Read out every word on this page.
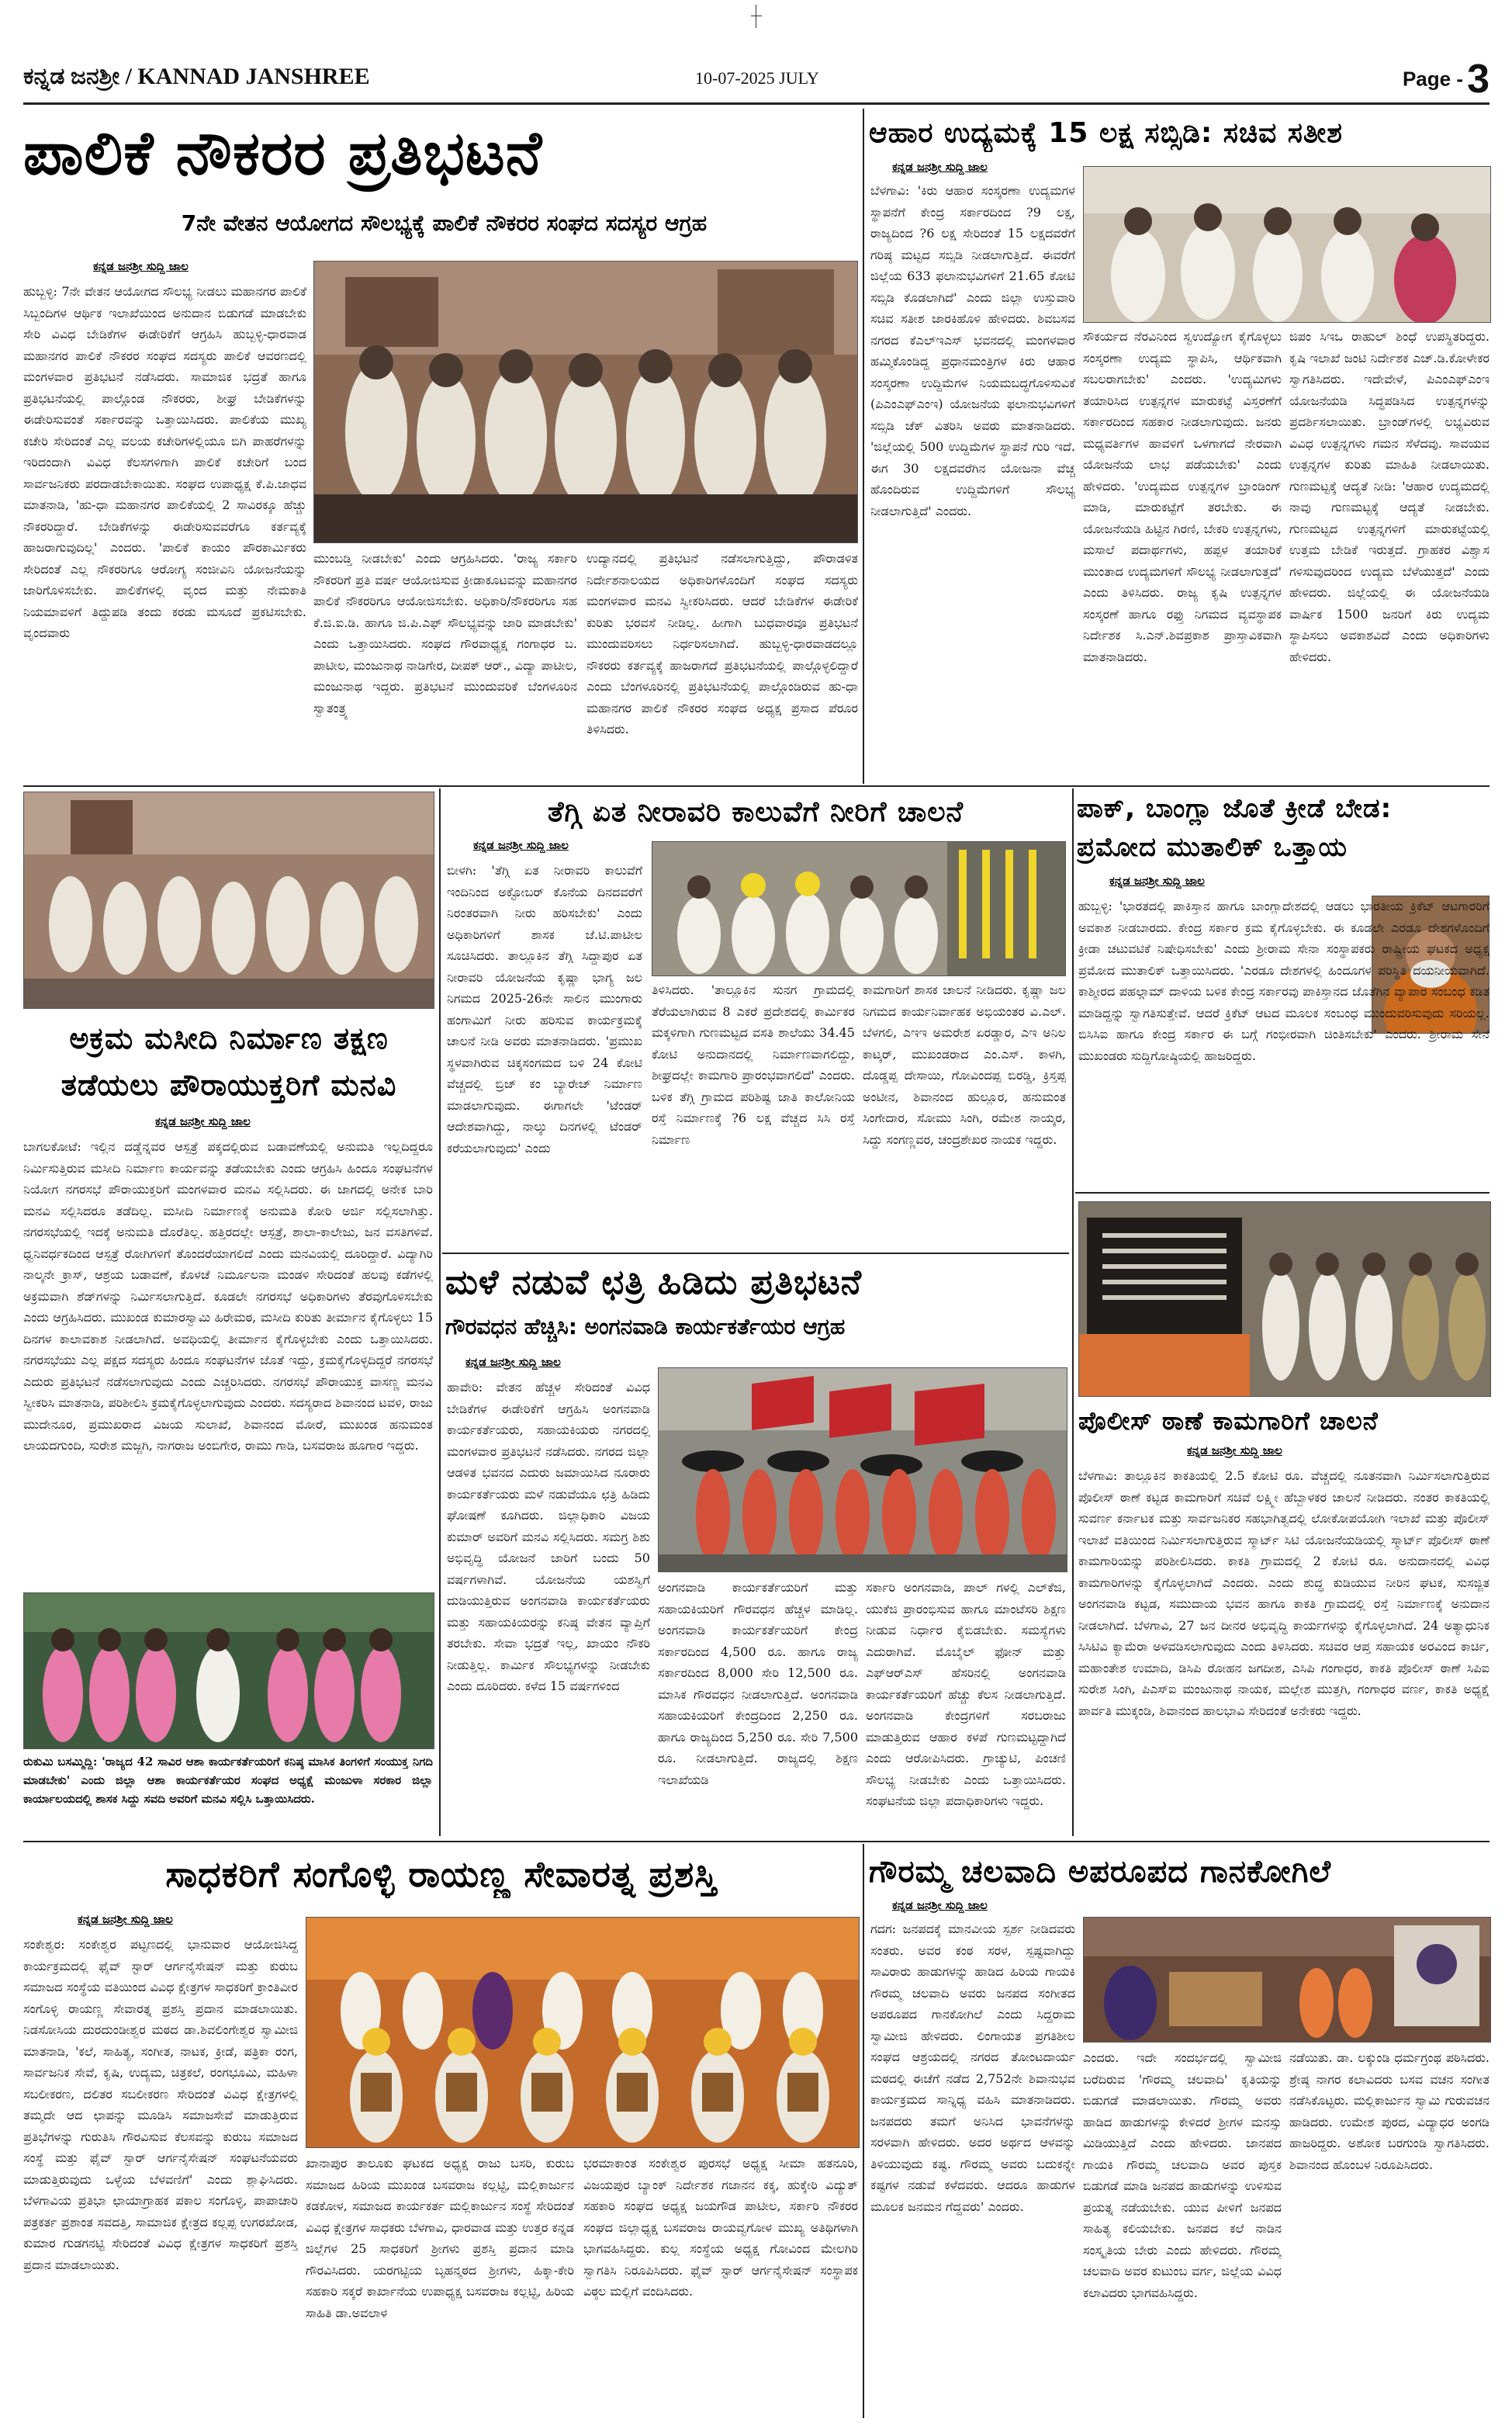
ಕನ್ನಡ ಜನಶ್ರೀ / KANNAD JANSHREE	10-07-2025 JULY	Page - 3
ಪಾಲಿಕೆ ನೌಕರರ ಪ್ರತಿಭಟನೆ
7ನೇ ವೇತನ ಆಯೋಗದ ಸೌಲಭ್ಯಕ್ಕೆ ಪಾಲಿಕೆ ನೌಕರರ ಸಂಘದ ಸದಸ್ಯರ ಆಗ್ರಹ
ಕನ್ನಡ ಜನಶ್ರೀ ಸುದ್ದಿ ಜಾಲ
ಹುಬ್ಬಳ್ಳಿ: 7ನೇ ವೇತನ ಆಯೋಗದ ಸೌಲಭ್ಯ ನೀಡಲು ಮಹಾನಗರ ಪಾಲಿಕೆ ಸಿಬ್ಬಂದಿಗಳ ಆರ್ಥಿಕ ಇಲಾಖೆಯಿಂದ ಅನುದಾನ ಬಿಡುಗಡೆ ಮಾಡಬೇಕು ಸೇರಿ ವಿವಿಧ ಬೇಡಿಕೆಗಳ ಈಡೇರಿಕೆಗೆ ಆಗ್ರಹಿಸಿ ಹುಬ್ಬಳ್ಳಿ-ಧಾರವಾಡ ಮಹಾನಗರ ಪಾಲಿಕೆ ನೌಕರರ ಸಂಘದ ಸದಸ್ಯರು ಪಾಲಿಕೆ ಆವರಣದಲ್ಲಿ ಮಂಗಳವಾರ ಪ್ರತಿಭಟನೆ ನಡೆಸಿದರು. ಸಾಮಾಜಿಕ ಭದ್ರತೆ ಹಾಗೂ ಪ್ರತಿಭಟನೆಯಲ್ಲಿ ಪಾಲ್ಗೊಂಡ ನೌಕರರು, ಶೀಘ್ರ ಬೇಡಿಕೆಗಳನ್ನು ಈಡೇರಿಸುವಂತೆ ಸರ್ಕಾರವನ್ನು ಒತ್ತಾಯಿಸಿದರು. ಪಾಲಿಕೆಯ ಮುಖ್ಯ ಕಚೇರಿ ಸೇರಿದಂತೆ ಎಲ್ಲ ವಲಯ ಕಚೇರಿಗಳಲ್ಲಿಯೂ ಬಿಗಿ ಪಾಹರೆಗಳನ್ನು ಇರಿದಂದಾಗಿ ವಿವಿಧ ಕೆಲಸಗಳಿಗಾಗಿ ಪಾಲಿಕೆ ಕಚೇರಿಗೆ ಬಂದ ಸಾರ್ವಜನಿಕರು ಪರದಾಡಬೇಕಾಯಿತು. ಸಂಘದ ಉಪಾಧ್ಯಕ್ಷ ಕೆ.ಪಿ.ಜಾಧವ ಮಾತನಾಡಿ, 'ಹು-ಧಾ ಮಹಾನಗರ ಪಾಲಿಕೆಯಲ್ಲಿ 2 ಸಾವಿರಕ್ಕೂ ಹೆಚ್ಚು ನೌಕರರಿದ್ದಾರೆ. ಬೇಡಿಕೆಗಳನ್ನು ಈಡೇರಿಸುವವರೆಗೂ ಕರ್ತವ್ಯಕ್ಕೆ ಹಾಜರಾಗುವುದಿಲ್ಲ' ಎಂದರು. 'ಪಾಲಿಕೆ ಕಾಯಂ ಪೌರಕಾರ್ಮಿಕರು ಸೇರಿದಂತೆ ಎಲ್ಲ ನೌಕರರಿಗೂ ಆರೋಗ್ಯ ಸಂಜೀವಿನಿ ಯೋಜನೆಯನ್ನು ಜಾರಿಗೊಳಿಸಬೇಕು. ಪಾಲಿಕೆಗಳಲ್ಲಿ ವೃಂದ ಮತ್ತು ನೇಮಕಾತಿ ನಿಯಮಾವಳಿಗೆ ತಿದ್ದುಪಡಿ ತಂದು ಕರಡು ಮಸೂದೆ ಪ್ರಕಟಿಸಬೇಕು. ವೃಂದವಾರು
ಮುಂಬಡ್ತಿ ನೀಡಬೇಕು' ಎಂದು ಆಗ್ರಹಿಸಿದರು. 'ರಾಜ್ಯ ಸರ್ಕಾರಿ ನೌಕರರಿಗೆ ಪ್ರತಿ ವರ್ಷ ಆಯೋಜಿಸುವ ಕ್ರೀಡಾಕೂಟವನ್ನು ಮಹಾನಗರ ಪಾಲಿಕೆ ನೌಕರರಿಗೂ ಆಯೋಜಿಸಬೇಕು. ಅಧಿಕಾರಿ/ನೌಕರರಿಗೂ ಸಹ ಕೆ.ಜಿ.ಐ.ಡಿ. ಹಾಗೂ ಜಿ.ಪಿ.ಎಫ್ ಸೌಲಭ್ಯವನ್ನು ಜಾರಿ ಮಾಡಬೇಕು' ಎಂದು ಒತ್ತಾಯಿಸಿದರು. ಸಂಘದ ಗೌರವಾಧ್ಯಕ್ಷ ಗಂಗಾಧರ ಬ. ಪಾಟೀಲ, ಮಂಜುನಾಥ ನಾಡಿಗೇರ, ದೀಪಕ್ ಆರ್., ವಿದ್ಯಾ ಪಾಟೀಲ, ಮಂಜುನಾಥ ಇದ್ದರು. ಪ್ರತಿಭಟನೆ ಮುಂದುವರಿಕೆ ಬೆಂಗಳೂರಿನ ಸ್ವಾತಂತ್ರ್ಯ
ಉದ್ಯಾನದಲ್ಲಿ ಪ್ರತಿಭಟನೆ ನಡೆಸಲಾಗುತ್ತಿದ್ದು, ಪೌರಾಡಳಿತ ನಿರ್ದೇಶನಾಲಯದ ಅಧಿಕಾರಿಗಳೊಂದಿಗೆ ಸಂಘದ ಸದಸ್ಯರು ಮಂಗಳವಾರ ಮನವಿ ಸ್ವೀಕರಿಸಿದರು. ಆದರೆ ಬೇಡಿಕೆಗಳ ಈಡೇರಿಕೆ ಕುರಿತು ಭರವಸೆ ನೀಡಿಲ್ಲ. ಹೀಗಾಗಿ ಬುಧವಾರವೂ ಪ್ರತಿಭಟನೆ ಮುಂದುವರಿಸಲು ನಿರ್ಧರಿಸಲಾಗಿದೆ. ಹುಬ್ಬಳ್ಳಿ-ಧಾರವಾಡದಲ್ಲೂ ನೌಕರರು ಕರ್ತವ್ಯಕ್ಕೆ ಹಾಜರಾಗದೆ ಪ್ರತಿಭಟನೆಯಲ್ಲಿ ಪಾಲ್ಗೊಳ್ಳಲಿದ್ದಾರೆ ಎಂದು ಬೆಂಗಳೂರಿನಲ್ಲಿ ಪ್ರತಿಭಟನೆಯಲ್ಲಿ ಪಾಲ್ಗೊಂಡಿರುವ ಹು-ಧಾ ಮಹಾನಗರ ಪಾಲಿಕೆ ನೌಕರರ ಸಂಘದ ಅಧ್ಯಕ್ಷ ಪ್ರಸಾದ ಪೆರೂರ ತಿಳಿಸಿದರು.
ಆಹಾರ ಉದ್ಯಮಕ್ಕೆ 15 ಲಕ್ಷ ಸಬ್ಸಿಡಿ: ಸಚಿವ ಸತೀಶ
ಕನ್ನಡ ಜನಶ್ರೀ ಸುದ್ದಿ ಜಾಲ
ಬೆಳಗಾವಿ: 'ಕಿರು ಆಹಾರ ಸಂಸ್ಕರಣಾ ಉದ್ಯಮಗಳ ಸ್ಥಾಪನೆಗೆ ಕೇಂದ್ರ ಸರ್ಕಾರದಿಂದ ?9 ಲಕ್ಷ, ರಾಜ್ಯದಿಂದ ?6 ಲಕ್ಷ ಸೇರಿದಂತೆ 15 ಲಕ್ಷದವರೆಗೆ ಗರಿಷ್ಠ ಮಟ್ಟದ ಸಬ್ಸಿಡಿ ನೀಡಲಾಗುತ್ತಿದೆ. ಈವರೆಗೆ ಜಿಲ್ಲೆಯ 633 ಫಲಾನುಭವಿಗಳಿಗೆ 21.65 ಕೋಟಿ ಸಬ್ಸಿಡಿ ಕೊಡಲಾಗಿದೆ' ಎಂದು ಜಿಲ್ಲಾ ಉಸ್ತುವಾರಿ ಸಚಿವ ಸತೀಶ ಜಾರಕಿಹೊಳಿ ಹೇಳಿದರು. ಶಿವಬಸವ ನಗರದ ಕೆಎಲ್ಇಎಸ್ ಭವನದಲ್ಲಿ ಮಂಗಳವಾರ ಹಮ್ಮಿಕೊಂಡಿದ್ದ ಪ್ರಧಾನಮಂತ್ರಿಗಳ ಕಿರು ಆಹಾರ ಸಂಸ್ಕರಣಾ ಉದ್ದಿಮೆಗಳ ನಿಯಮಬದ್ಧಗೊಳಿಸುವಿಕೆ (ಪಿಎಂಎಫ್‌ಎಂಇ) ಯೋಜನೆಯ ಫಲಾನುಭವಿಗಳಿಗೆ ಸಬ್ಸಿಡಿ ಚೆಕ್ ವಿತರಿಸಿ ಅವರು ಮಾತನಾಡಿದರು. 'ಜಿಲ್ಲೆಯಲ್ಲಿ 500 ಉದ್ದಿಮೆಗಳ ಸ್ಥಾಪನೆ ಗುರಿ ಇದೆ. ಈಗ 30 ಲಕ್ಷದವರೆಗಿನ ಯೋಜನಾ ವೆಚ್ಚ ಹೊಂದಿರುವ ಉದ್ದಿಮೆಗಳಿಗೆ ಸೌಲಭ್ಯ ನೀಡಲಾಗುತ್ತಿದೆ' ಎಂದರು.
ಸೌಕರ್ಯದ ನೆರವಿನಿಂದ ಸ್ವಉದ್ಯೋಗ ಕೈಗೊಳ್ಳಲು ಸಂಸ್ಕರಣಾ ಉದ್ಯಮ ಸ್ಥಾಪಿಸಿ, ಆರ್ಥಿಕವಾಗಿ ಸಬಲರಾಗಬೇಕು' ಎಂದರು. 'ಉದ್ಯಮಿಗಳು ತಯಾರಿಸಿದ ಉತ್ಪನ್ನಗಳ ಮಾರುಕಟ್ಟೆ ವಿಸ್ತರಣೆಗೆ ಸರ್ಕಾರದಿಂದ ಸಹಕಾರ ನೀಡಲಾಗುವುದು. ಜನರು ಮಧ್ಯವರ್ತಿಗಳ ಹಾವಳಿಗೆ ಒಳಗಾಗದೆ ನೇರವಾಗಿ ಯೋಜನೆಯ ಲಾಭ ಪಡೆಯಬೇಕು' ಎಂದು ಹೇಳಿದರು. 'ಉದ್ಯಮದ ಉತ್ಪನ್ನಗಳ ಬ್ರಾಂಡಿಂಗ್ ಮಾಡಿ, ಮಾರುಕಟ್ಟೆಗೆ ತರಬೇಕು. ಈ ಯೋಜನೆಯಡಿ ಹಿಟ್ಟಿನ ಗಿರಣಿ, ಬೇಕರಿ ಉತ್ಪನ್ನಗಳು, ಮಸಾಲೆ ಪದಾರ್ಥಗಳು, ಹಪ್ಪಳ ತಯಾರಿಕೆ ಮುಂತಾದ ಉದ್ಯಮಗಳಿಗೆ ಸೌಲಭ್ಯ ನೀಡಲಾಗುತ್ತದೆ' ಎಂದು ತಿಳಿಸಿದರು. ರಾಜ್ಯ ಕೃಷಿ ಉತ್ಪನ್ನಗಳ ಸಂಸ್ಕರಣೆ ಹಾಗೂ ರಫ್ತು ನಿಗಮದ ವ್ಯವಸ್ಥಾಪಕ ನಿರ್ದೇಶಕ ಸಿ.ಎನ್.ಶಿವಪ್ರಕಾಶ ಪ್ರಾಸ್ತಾವಿಕವಾಗಿ ಮಾತನಾಡಿದರು.
ಜಿಪಂ ಸಿಇಒ ರಾಹುಲ್ ಶಿಂಧೆ ಉಪಸ್ಥಿತರಿದ್ದರು. ಕೃಷಿ ಇಲಾಖೆ ಜಂಟಿ ನಿರ್ದೇಶಕ ಎಚ್.ಡಿ.ಕೋಳೇಕರ ಸ್ವಾಗತಿಸಿದರು. ಇದೇವೇಳೆ, ಪಿಎಂಎಫ್‌ಎಂಇ ಯೋಜನೆಯಡಿ ಸಿದ್ಧಪಡಿಸಿದ ಉತ್ಪನ್ನಗಳನ್ನು ಪ್ರದರ್ಶಿಸಲಾಯಿತು. ಬ್ರಾಂಡ್‌ಗಳಲ್ಲಿ ಲಭ್ಯವಿರುವ ವಿವಿಧ ಉತ್ಪನ್ನಗಳು ಗಮನ ಸೆಳೆದವು. ಸಾವಯವ ಉತ್ಪನ್ನಗಳ ಕುರಿತು ಮಾಹಿತಿ ನೀಡಲಾಯಿತು. ಗುಣಮಟ್ಟಕ್ಕೆ ಆದ್ಯತೆ ನೀಡಿ: 'ಆಹಾರ ಉದ್ಯಮದಲ್ಲಿ ನಾವು ಗುಣಮಟ್ಟಕ್ಕೆ ಆದ್ಯತೆ ನೀಡಬೇಕು. ಗುಣಮಟ್ಟದ ಉತ್ಪನ್ನಗಳಿಗೆ ಮಾರುಕಟ್ಟೆಯಲ್ಲಿ ಉತ್ತಮ ಬೇಡಿಕೆ ಇರುತ್ತದೆ. ಗ್ರಾಹಕರ ವಿಶ್ವಾಸ ಗಳಿಸುವುದರಿಂದ ಉದ್ಯಮ ಬೆಳೆಯುತ್ತದೆ' ಎಂದು ಹೇಳಿದರು. ಜಿಲ್ಲೆಯಲ್ಲಿ ಈ ಯೋಜನೆಯಡಿ ವಾರ್ಷಿಕ 1500 ಜನರಿಗೆ ಕಿರು ಉದ್ಯಮ ಸ್ಥಾಪಿಸಲು ಅವಕಾಶವಿದೆ ಎಂದು ಅಧಿಕಾರಿಗಳು ಹೇಳಿದರು.
ಅಕ್ರಮ ಮಸೀದಿ ನಿರ್ಮಾಣ ತಕ್ಷಣ
ತಡೆಯಲು ಪೌರಾಯುಕ್ತರಿಗೆ ಮನವಿ
ಕನ್ನಡ ಜನಶ್ರೀ ಸುದ್ದಿ ಜಾಲ
ಬಾಗಲಕೋಟೆ: ಇಲ್ಲಿನ ದಡ್ಡೆನ್ನವರ ಆಸ್ಪತ್ರೆ ಪಕ್ಕದಲ್ಲಿರುವ ಬಡಾವಣೆಯಲ್ಲಿ ಅನುಮತಿ ಇಲ್ಲದಿದ್ದರೂ ನಿರ್ಮಿಸುತ್ತಿರುವ ಮಸೀದಿ ನಿರ್ಮಾಣ ಕಾರ್ಯವನ್ನು ತಡೆಯಬೇಕು ಎಂದು ಆಗ್ರಹಿಸಿ ಹಿಂದೂ ಸಂಘಟನೆಗಳ ನಿಯೋಗ ನಗರಸಭೆ ಪೌರಾಯುಕ್ತರಿಗೆ ಮಂಗಳವಾರ ಮನವಿ ಸಲ್ಲಿಸಿದರು. ಈ ಜಾಗದಲ್ಲಿ ಅನೇಕ ಬಾರಿ ಮನವಿ ಸಲ್ಲಿಸಿದರೂ ತಡೆದಿಲ್ಲ. ಮಸೀದಿ ನಿರ್ಮಾಣಕ್ಕೆ ಅನುಮತಿ ಕೋರಿ ಅರ್ಜಿ ಸಲ್ಲಿಸಲಾಗಿತ್ತು. ನಗರಸಭೆಯಲ್ಲಿ ಇದಕ್ಕೆ ಅನುಮತಿ ದೊರೆತಿಲ್ಲ. ಹತ್ತಿರದಲ್ಲೇ ಆಸ್ಪತ್ರೆ, ಶಾಲಾ-ಕಾಲೇಜು, ಜನ ವಸತಿಗಳಿವೆ. ಧ್ವನಿವರ್ಧಕದಿಂದ ಆಸ್ಪತ್ರೆ ರೋಗಿಗಳಿಗೆ ತೊಂದರೆಯಾಗಲಿದೆ ಎಂದು ಮನವಿಯಲ್ಲಿ ದೂರಿದ್ದಾರೆ. ವಿದ್ಯಾಗಿರಿ ನಾಲ್ಕನೇ ಕ್ರಾಸ್, ಆಶ್ರಯ ಬಡಾವಣೆ, ಕೊಳಚೆ ನಿರ್ಮೂಲನಾ ಮಂಡಳಿ ಸೇರಿದಂತೆ ಹಲವು ಕಡೆಗಳಲ್ಲಿ ಅಕ್ರಮವಾಗಿ ಶೆಡ್‌ಗಳನ್ನು ನಿರ್ಮಿಸಲಾಗುತ್ತಿದೆ. ಕೂಡಲೇ ನಗರಸಭೆ ಅಧಿಕಾರಿಗಳು ತೆರವುಗೊಳಿಸಬೇಕು ಎಂದು ಆಗ್ರಹಿಸಿದರು. ಮುಖಂಡ ಕುಮಾರಸ್ವಾಮಿ ಹಿರೇಮಠ, ಮಸೀದಿ ಕುರಿತು ತೀರ್ಮಾನ ಕೈಗೊಳ್ಳಲು 15 ದಿನಗಳ ಕಾಲಾವಕಾಶ ನೀಡಲಾಗಿದೆ. ಅವಧಿಯಲ್ಲಿ ತೀರ್ಮಾನ ಕೈಗೊಳ್ಳಬೇಕು ಎಂದು ಒತ್ತಾಯಿಸಿದರು. ನಗರಸಭೆಯು ಎಲ್ಲ ಪಕ್ಷದ ಸದಸ್ಯರು ಹಿಂದೂ ಸಂಘಟನೆಗಳ ಜೊತೆ ಇದ್ದು, ಕ್ರಮಕೈಗೊಳ್ಳದಿದ್ದರೆ ನಗರಸಭೆ ಎದುರು ಪ್ರತಿಭಟನೆ ನಡೆಸಲಾಗುವುದು ಎಂದು ಎಚ್ಚರಿಸಿದರು. ನಗರಸಭೆ ಪೌರಾಯುಕ್ತ ವಾಸಣ್ಣ ಮನವಿ ಸ್ವೀಕರಿಸಿ ಮಾತನಾಡಿ, ಪರಿಶೀಲಿಸಿ ಕ್ರಮಕೈಗೊಳ್ಳಲಾಗುವುದು ಎಂದರು. ಸದಸ್ಯರಾದ ಶಿವಾನಂದ ಟವಳಿ, ರಾಜು ಮುದೇನೂರ, ಪ್ರಮುಖರಾದ ವಿಜಯ ಸುಲಾಖೆ, ಶಿವಾನಂದ ಮೋರೆ, ಮುಖಂಡ ಹನುಮಂತ ಲಾಯದಗುಂದಿ, ಸುರೇಶ ಮಜ್ಜಗಿ, ನಾಗರಾಜ ಅಂಬಿಗೇರ, ರಾಮು ಗಾಡಿ, ಬಸವರಾಜ ಹೂಗಾರ ಇದ್ದರು.
ರುಕುಮಿ ಬಸಮ್ಮಿದ್ದಿ: 'ರಾಜ್ಯದ 42 ಸಾವಿರ ಆಶಾ ಕಾರ್ಯಕರ್ತೆಯರಿಗೆ ಕನಿಷ್ಠ ಮಾಸಿಕ ತಿಂಗಳಿಗೆ ಸಂಯುಕ್ತ ನಿಗದಿ ಮಾಡಬೇಕು' ಎಂದು ಜಿಲ್ಲಾ ಆಶಾ ಕಾರ್ಯಕರ್ತೆಯರ ಸಂಘದ ಅಧ್ಯಕ್ಷೆ ಮಂಜುಳಾ ಸರಕಾರ ಜಿಲ್ಲಾ ಕಾರ್ಯಾಲಯದಲ್ಲಿ ಶಾಸಕ ಸಿದ್ದು ಸವದಿ ಅವರಿಗೆ ಮನವಿ ಸಲ್ಲಿಸಿ ಒತ್ತಾಯಿಸಿದರು.
ತೆಗ್ಗಿ ಏತ ನೀರಾವರಿ ಕಾಲುವೆಗೆ ನೀರಿಗೆ ಚಾಲನೆ
ಕನ್ನಡ ಜನಶ್ರೀ ಸುದ್ದಿ ಜಾಲ
ಬೀಳಗಿ: 'ತೆಗ್ಗಿ ಏತ ನೀರಾವರಿ ಕಾಲುವೆಗೆ ಇಂದಿನಿಂದ ಅಕ್ಟೋಬರ್ ಕೊನೆಯ ದಿನದವರೆಗೆ ನಿರಂತರವಾಗಿ ನೀರು ಹರಿಸಬೇಕು' ಎಂದು ಅಧಿಕಾರಿಗಳಿಗೆ ಶಾಸಕ ಜೆ.ಟಿ.ಪಾಟೀಲ ಸೂಚಿಸಿದರು. ತಾಲ್ಲೂಕಿನ ತೆಗ್ಗಿ ಸಿದ್ದಾಪುರ ಏತ ನೀರಾವರಿ ಯೋಜನೆಯ ಕೃಷ್ಣಾ ಭಾಗ್ಯ ಜಲ ನಿಗಮದ 2025-26ನೇ ಸಾಲಿನ ಮುಂಗಾರು ಹಂಗಾಮಿಗೆ ನೀರು ಹರಿಸುವ ಕಾರ್ಯಕ್ರಮಕ್ಕೆ ಚಾಲನೆ ನೀಡಿ ಅವರು ಮಾತನಾಡಿದರು. 'ಪ್ರಮುಖ ಸ್ಥಳವಾಗಿರುವ ಚಿಕ್ಕಸಂಗಮದ ಬಳಿ 24 ಕೋಟಿ ವೆಚ್ಚದಲ್ಲಿ ಬ್ರಿಜ್ ಕಂ ಬ್ಯಾರೇಜ್ ನಿರ್ಮಾಣ ಮಾಡಲಾಗುವುದು. ಈಗಾಗಲೇ 'ಟೆಂಡರ್ ಆದೇಶವಾಗಿದ್ದು, ನಾಲ್ಕು ದಿನಗಳಲ್ಲಿ ಟೆಂಡರ್ ಕರೆಯಲಾಗುವುದು' ಎಂದು
ತಿಳಿಸಿದರು. 'ತಾಲ್ಲೂಕಿನ ಸುನಗ ಗ್ರಾಮದಲ್ಲಿ ತೆರೆಯಲಾಗಿರುವ 8 ಎಕರೆ ಪ್ರದೇಶದಲ್ಲಿ ಕಾರ್ಮಿಕರ ಮಕ್ಕಳಿಗಾಗಿ ಗುಣಮಟ್ಟದ ವಸತಿ ಶಾಲೆಯು 34.45 ಕೋಟಿ ಅನುದಾನದಲ್ಲಿ ನಿರ್ಮಾಣವಾಗಲಿದ್ದು, ಶೀಘ್ರದಲ್ಲೇ ಕಾಮಗಾರಿ ಪ್ರಾರಂಭವಾಗಲಿದೆ' ಎಂದರು. ಬಳಿಕ ತೆಗ್ಗಿ ಗ್ರಾಮದ ಪರಿಶಿಷ್ಟ ಜಾತಿ ಕಾಲೋನಿಯ ರಸ್ತೆ ನಿರ್ಮಾಣಕ್ಕೆ ?6 ಲಕ್ಷ ವೆಚ್ಚದ ಸಿಸಿ ರಸ್ತೆ ನಿರ್ಮಾಣ
ಕಾಮಗಾರಿಗೆ ಶಾಸಕ ಚಾಲನೆ ನೀಡಿದರು. ಕೃಷ್ಣಾ ಜಲ ನಿಗಮದ ಕಾರ್ಯನಿರ್ವಾಹಕ ಅಭಿಯಂತರ ವಿ.ಎಲ್. ಬೆಳಗಲಿ, ಎಇಇ ಅಮರೇಶ ಏರಡ್ಡಾರ, ಎಇ ಅನಿಲ ಕಾಟ್ಕರ್, ಮುಖಂಡರಾದ ಎಂ.ಎಸ್. ಕಾಳಗಿ, ದೊಡ್ಡಪ್ಪ ದೇಸಾಯಿ, ಗೋವಿಂದಪ್ಪ ಬಿರಡ್ಡಿ, ಕ್ರಿಸ್ತಪ್ಪ ಅಂಟೀನ, ಶಿವಾನಂದ ಹುಲ್ಲೂರ, ಹನುಮಂತ ಸಿಂಗೇದಾರ, ಸೋಮು ಸಿಂಗಿ, ರಮೇಶ ನಾಯ್ಕರ, ಸಿದ್ದು ಸಂಗಣ್ಣವರ, ಚಂದ್ರಶೇಖರ ನಾಯಕ ಇದ್ದರು.
ಪಾಕ್, ಬಾಂಗ್ಲಾ ಜೊತೆ ಕ್ರೀಡೆ ಬೇಡ:
ಪ್ರಮೋದ ಮುತಾಲಿಕ್ ಒತ್ತಾಯ
ಕನ್ನಡ ಜನಶ್ರೀ ಸುದ್ದಿ ಜಾಲ
ಹುಬ್ಬಳ್ಳಿ: 'ಭಾರತದಲ್ಲಿ ಪಾಕಿಸ್ತಾನ ಹಾಗೂ ಬಾಂಗ್ಲಾದೇಶದಲ್ಲಿ ಆಡಲು ಭಾರತೀಯ ಕ್ರಿಕೆಟ್ ಆಟಗಾರರಿಗೆ ಅವಕಾಶ ನೀಡಬಾರದು. ಕೇಂದ್ರ ಸರ್ಕಾರ ಕ್ರಮ ಕೈಗೊಳ್ಳಬೇಕು. ಈ ಕೂಡಲೇ ಎರಡೂ ದೇಶಗಳೊಂದಿಗೆ ಕ್ರೀಡಾ ಚಟುವಟಿಕೆ ನಿಷೇಧಿಸಬೇಕು' ಎಂದು ಶ್ರೀರಾಮ ಸೇನಾ ಸಂಸ್ಥಾಪಕರು ರಾಷ್ಟ್ರೀಯ ಘಟಕದ ಅಧ್ಯಕ್ಷ ಪ್ರಮೋದ ಮುತಾಲಿಕ್ ಒತ್ತಾಯಿಸಿದರು. 'ಎರಡೂ ದೇಶಗಳಲ್ಲಿ ಹಿಂದೂಗಳ ಪರಿಸ್ಥಿತಿ ದಯನೀಯವಾಗಿದೆ. ಕಾಶ್ಮೀರದ ಪಹಲ್ಗಾಮ್ ದಾಳಿಯ ಬಳಿಕ ಕೇಂದ್ರ ಸರ್ಕಾರವು ಪಾಕಿಸ್ತಾನದ ಜೊತೆಗಿನ ವ್ಯಾಪಾರ ಸಂಬಂಧ ಕಡಿತ ಮಾಡಿದ್ದನ್ನು ಸ್ವಾಗತಿಸುತ್ತೇವೆ. ಆದರೆ ಕ್ರಿಕೆಟ್ ಆಟದ ಮೂಲಕ ಸಂಬಂಧ ಮುಂದುವರಿಸುವುದು ಸರಿಯಲ್ಲ. ಬಿಸಿಸಿಐ ಹಾಗೂ ಕೇಂದ್ರ ಸರ್ಕಾರ ಈ ಬಗ್ಗೆ ಗಂಭೀರವಾಗಿ ಚಿಂತಿಸಬೇಕು' ಎಂದರು. ಶ್ರೀರಾಮ ಸೇನೆ ಮುಖಂಡರು ಸುದ್ದಿಗೋಷ್ಠಿಯಲ್ಲಿ ಹಾಜರಿದ್ದರು.
ಪೊಲೀಸ್ ಠಾಣೆ ಕಾಮಗಾರಿಗೆ ಚಾಲನೆ
ಕನ್ನಡ ಜನಶ್ರೀ ಸುದ್ದಿ ಜಾಲ
ಬೆಳಗಾವಿ: ತಾಲ್ಲೂಕಿನ ಕಾಕತಿಯಲ್ಲಿ 2.5 ಕೋಟಿ ರೂ. ವೆಚ್ಚದಲ್ಲಿ ನೂತನವಾಗಿ ನಿರ್ಮಿಸಲಾಗುತ್ತಿರುವ ಪೊಲೀಸ್ ಠಾಣೆ ಕಟ್ಟಡ ಕಾಮಗಾರಿಗೆ ಸಚಿವೆ ಲಕ್ಷ್ಮೀ ಹೆಬ್ಬಾಳಕರ ಚಾಲನೆ ನೀಡಿದರು. ನಂತರ ಕಾಕತಿಯಲ್ಲಿ ಸುವರ್ಣ ಕರ್ನಾಟಕ ಮತ್ತು ಸಾರ್ವಜನಿಕರ ಸಹಭಾಗಿತ್ವದಲ್ಲಿ ಲೋಕೋಪಯೋಗಿ ಇಲಾಖೆ ಮತ್ತು ಪೊಲೀಸ್ ಇಲಾಖೆ ವತಿಯಿಂದ ನಿರ್ಮಿಸಲಾಗುತ್ತಿರುವ ಸ್ಮಾರ್ಟ್ ಸಿಟಿ ಯೋಜನೆಯಡಿಯಲ್ಲಿ ಸ್ಮಾರ್ಟ್ ಪೊಲೀಸ್ ಠಾಣೆ ಕಾಮಗಾರಿಯನ್ನು ಪರಿಶೀಲಿಸಿದರು. ಕಾಕತಿ ಗ್ರಾಮದಲ್ಲಿ 2 ಕೋಟಿ ರೂ. ಅನುದಾನದಲ್ಲಿ ವಿವಿಧ ಕಾಮಗಾರಿಗಳನ್ನು ಕೈಗೊಳ್ಳಲಾಗಿದೆ ಎಂದರು. ಎಂದು ಶುದ್ಧ ಕುಡಿಯುವ ನೀರಿನ ಘಟಕ, ಸುಸಜ್ಜಿತ ಅಂಗನವಾಡಿ ಕಟ್ಟಡ, ಸಮುದಾಯ ಭವನ ಹಾಗೂ ಕಾಕತಿ ಗ್ರಾಮದಲ್ಲಿ ರಸ್ತೆ ನಿರ್ಮಾಣಕ್ಕೆ ಅನುದಾನ ನೀಡಲಾಗಿದೆ. ಬೆಳಗಾವಿ, 27 ಜನ ದೀನರ ಅಭಿವೃದ್ಧಿ ಕಾರ್ಯಗಳನ್ನು ಕೈಗೊಳ್ಳಲಾಗಿದೆ. 24 ಅತ್ಯಾಧುನಿಕ ಸಿಸಿಟಿವಿ ಕ್ಯಾಮೆರಾ ಅಳವಡಿಸಲಾಗುವುದು ಎಂದು ತಿಳಿಸಿದರು. ಸಚಿವರ ಆಪ್ತ ಸಹಾಯಕ ಅರವಿಂದ ಕಾರ್ಚಿ, ಮಹಾಂತೇಶ ಉಮಾದಿ, ಡಿಸಿಪಿ ರೋಹನ ಜಗದೀಶ, ಎಸಿಪಿ ಗಂಗಾಧರ, ಕಾಕತಿ ಪೊಲೀಸ್ ಠಾಣೆ ಸಿಪಿಐ ಸುರೇಶ ಸಿಂಗಿ, ಪಿಎಸ್ಐ ಮಂಜುನಾಥ ನಾಯಕ, ಮಲ್ಲೇಶ ಮುತ್ತಗಿ, ಗಂಗಾಧರ ವರ್ಣ, ಕಾಕತಿ ಅಧ್ಯಕ್ಷೆ ಪಾರ್ವತಿ ಮುಕ್ಕಂಡಿ, ಶಿವಾನಂದ ಹಾಲಭಾವಿ ಸೇರಿದಂತೆ ಅನೇಕರು ಇದ್ದರು.
ಮಳೆ ನಡುವೆ ಛತ್ರಿ ಹಿಡಿದು ಪ್ರತಿಭಟನೆ
ಗೌರವಧನ ಹೆಚ್ಚಿಸಿ: ಅಂಗನವಾಡಿ ಕಾರ್ಯಕರ್ತೆಯರ ಆಗ್ರಹ
ಕನ್ನಡ ಜನಶ್ರೀ ಸುದ್ದಿ ಜಾಲ
ಹಾವೇರಿ: ವೇತನ ಹೆಚ್ಚಳ ಸೇರಿದಂತೆ ವಿವಿಧ ಬೇಡಿಕೆಗಳ ಈಡೇರಿಕೆಗೆ ಆಗ್ರಹಿಸಿ ಅಂಗನವಾಡಿ ಕಾರ್ಯಕರ್ತೆಯರು, ಸಹಾಯಕಿಯರು ನಗರದಲ್ಲಿ ಮಂಗಳವಾರ ಪ್ರತಿಭಟನೆ ನಡೆಸಿದರು. ನಗರದ ಜಿಲ್ಲಾ ಆಡಳಿತ ಭವನದ ಎದುರು ಜಮಾಯಿಸಿದ ನೂರಾರು ಕಾರ್ಯಕರ್ತೆಯರು ಮಳೆ ನಡುವೆಯೂ ಛತ್ರಿ ಹಿಡಿದು ಘೋಷಣೆ ಕೂಗಿದರು. ಜಿಲ್ಲಾಧಿಕಾರಿ ವಿಜಯ ಕುಮಾರ್ ಅವರಿಗೆ ಮನವಿ ಸಲ್ಲಿಸಿದರು. ಸಮಗ್ರ ಶಿಶು ಅಭಿವೃದ್ಧಿ ಯೋಜನೆ ಜಾರಿಗೆ ಬಂದು 50 ವರ್ಷಗಳಾಗಿವೆ. ಯೋಜನೆಯ ಯಶಸ್ವಿಗೆ ದುಡಿಯುತ್ತಿರುವ ಅಂಗನವಾಡಿ ಕಾರ್ಯಕರ್ತೆಯರು ಮತ್ತು ಸಹಾಯಕಿಯರನ್ನು ಕನಿಷ್ಠ ವೇತನ ವ್ಯಾಪ್ತಿಗೆ ತರಬೇಕು. ಸೇವಾ ಭದ್ರತೆ ಇಲ್ಲ, ಖಾಯಂ ನೌಕರಿ ನೀಡುತ್ತಿಲ್ಲ. ಕಾರ್ಮಿಕ ಸೌಲಭ್ಯಗಳನ್ನು ನೀಡಬೇಕು ಎಂದು ದೂರಿದರು. ಕಳೆದ 15 ವರ್ಷಗಳಿಂದ
ಅಂಗನವಾಡಿ ಕಾರ್ಯಕರ್ತೆಯರಿಗೆ ಮತ್ತು ಸಹಾಯಕಿಯರಿಗೆ ಗೌರವಧನ ಹೆಚ್ಚಳ ಮಾಡಿಲ್ಲ. ಅಂಗನವಾಡಿ ಕಾರ್ಯಕರ್ತೆಯರಿಗೆ ಕೇಂದ್ರ ಸರ್ಕಾರದಿಂದ 4,500 ರೂ. ಹಾಗೂ ರಾಜ್ಯ ಸರ್ಕಾರದಿಂದ 8,000 ಸೇರಿ 12,500 ರೂ. ಮಾಸಿಕ ಗೌರವಧನ ನೀಡಲಾಗುತ್ತಿದೆ. ಅಂಗನವಾಡಿ ಸಹಾಯಕಿಯರಿಗೆ ಕೇಂದ್ರದಿಂದ 2,250 ರೂ. ಹಾಗೂ ರಾಜ್ಯದಿಂದ 5,250 ರೂ. ಸೇರಿ 7,500 ರೂ. ನೀಡಲಾಗುತ್ತಿದೆ. ರಾಜ್ಯದಲ್ಲಿ ಶಿಕ್ಷಣ ಇಲಾಖೆಯಡಿ
ಸರ್ಕಾರಿ ಅಂಗನವಾಡಿ, ಪಾಲ್ ಗಳಲ್ಲಿ ಎಲ್‌ಕೆಜಿ, ಯುಕೆಜಿ ಪ್ರಾರಂಭಿಸುವ ಹಾಗೂ ಮಾಂಟೆಸರಿ ಶಿಕ್ಷಣ ನೀಡುವ ನಿರ್ಧಾರ ಕೈಬಿಡಬೇಕು. ಸಮಸ್ಯೆಗಳು ಎದುರಾಗಿವೆ. ಮೊಬೈಲ್ ಫೋನ್ ಮತ್ತು ಎಫ್‌ಆರ್‌ಎಸ್ ಹೆಸರಿನಲ್ಲಿ ಅಂಗನವಾಡಿ ಕಾರ್ಯಕರ್ತೆಯರಿಗೆ ಹೆಚ್ಚು ಕೆಲಸ ನೀಡಲಾಗುತ್ತಿದೆ. ಅಂಗನವಾಡಿ ಕೇಂದ್ರಗಳಿಗೆ ಸರಬರಾಜು ಮಾಡುತ್ತಿರುವ ಆಹಾರ ಕಳಪೆ ಗುಣಮಟ್ಟದ್ದಾಗಿದೆ ಎಂದು ಆರೋಪಿಸಿದರು. ಗ್ರಾಚ್ಯುಟಿ, ಪಿಂಚಣಿ ಸೌಲಭ್ಯ ನೀಡಬೇಕು ಎಂದು ಒತ್ತಾಯಿಸಿದರು. ಸಂಘಟನೆಯ ಜಿಲ್ಲಾ ಪದಾಧಿಕಾರಿಗಳು ಇದ್ದರು.
ಸಾಧಕರಿಗೆ ಸಂಗೊಳ್ಳಿ ರಾಯಣ್ಣ ಸೇವಾರತ್ನ ಪ್ರಶಸ್ತಿ
ಕನ್ನಡ ಜನಶ್ರೀ ಸುದ್ದಿ ಜಾಲ
ಸಂಕೇಶ್ವರ: ಸಂಕೇಶ್ವರ ಪಟ್ಟಣದಲ್ಲಿ ಭಾನುವಾರ ಆಯೋಜಿಸಿದ್ದ ಕಾರ್ಯಕ್ರಮದಲ್ಲಿ ಫೈವ್ ಸ್ಟಾರ್ ಆರ್ಗನೈಸೇಷನ್ ಮತ್ತು ಕುರುಬ ಸಮಾಜದ ಸಂಸ್ಥೆಯ ವತಿಯಿಂದ ವಿವಿಧ ಕ್ಷೇತ್ರಗಳ ಸಾಧಕರಿಗೆ ಕ್ರಾಂತಿವೀರ ಸಂಗೊಳ್ಳಿ ರಾಯಣ್ಣ ಸೇವಾರತ್ನ ಪ್ರಶಸ್ತಿ ಪ್ರದಾನ ಮಾಡಲಾಯಿತು. ನಿಡಸೋಸಿಯ ದುರದುಂಡೀಶ್ವರ ಮಠದ ಡಾ.ಶಿವಲಿಂಗೇಶ್ವರ ಸ್ವಾಮೀಜಿ ಮಾತನಾಡಿ, 'ಕಲೆ, ಸಾಹಿತ್ಯ, ಸಂಗೀತ, ನಾಟಕ, ಕ್ರೀಡೆ, ಪತ್ರಿಕಾ ರಂಗ, ಸಾರ್ವಜನಿಕ ಸೇವೆ, ಕೃಷಿ, ಉದ್ಯಮ, ಚಿತ್ರಕಲೆ, ರಂಗಭೂಮಿ, ಮಹಿಳಾ ಸಬಲೀಕರಣ, ದಲಿತರ ಸಬಲೀಕರಣ ಸೇರಿದಂತೆ ವಿವಿಧ ಕ್ಷೇತ್ರಗಳಲ್ಲಿ ತಮ್ಮದೇ ಆದ ಛಾಪನ್ನು ಮೂಡಿಸಿ ಸಮಾಜಸೇವೆ ಮಾಡುತ್ತಿರುವ ಪ್ರತಿಭೆಗಳನ್ನು ಗುರುತಿಸಿ ಗೌರವಿಸುವ ಕೆಲಸವನ್ನು ಕುರುಬ ಸಮಾಜದ ಸಂಸ್ಥೆ ಮತ್ತು ಫೈವ್ ಸ್ಟಾರ್ ಆರ್ಗನೈಸೇಷನ್ ಸಂಘಟನೆಯವರು ಮಾಡುತ್ತಿರುವುದು ಒಳ್ಳೆಯ ಬೆಳವಣಿಗೆ' ಎಂದು ಶ್ಲಾಘಿಸಿದರು. ಬೆಳಗಾವಿಯ ಪ್ರತಿಭಾ ಛಾಯಾಗ್ರಾಹಕ ಪಕಾಲ ಸಂಗೊಳ್ಳಿ, ಪಾಪಾಚಾರಿ ಪತ್ರಕರ್ತ ಪ್ರಶಾಂತ ಸವದತ್ತಿ, ಸಾಮಾಜಿಕ ಕ್ಷೇತ್ರದ ಕಲ್ಲಪ್ಪ ಉಗರಖೋಡ, ಕುಮಾರ ಗುಡಗನಟ್ಟಿ ಸೇರಿದಂತೆ ವಿವಿಧ ಕ್ಷೇತ್ರಗಳ ಸಾಧಕರಿಗೆ ಪ್ರಶಸ್ತಿ ಪ್ರದಾನ ಮಾಡಲಾಯಿತು.
ಖಾನಾಪುರ ತಾಲೂಕು ಘಟಕದ ಅಧ್ಯಕ್ಷ ರಾಜು ಬಸರಿ, ಕುರುಬ ಸಮಾಜದ ಹಿರಿಯ ಮುಖಂಡ ಬಸವರಾಜ ಕಲ್ಲಟ್ಟಿ, ಮಲ್ಲಿಕಾರ್ಜುನ ಕಡಕೋಳ, ಸಮಾಜದ ಕಾರ್ಯಕರ್ತ ಮಲ್ಲಿಕಾರ್ಜುನ ಸಂಸ್ಥೆ ಸೇರಿದಂತೆ ವಿವಿಧ ಕ್ಷೇತ್ರಗಳ ಸಾಧಕರು ಬೆಳಗಾವಿ, ಧಾರವಾಡ ಮತ್ತು ಉತ್ತರ ಕನ್ನಡ ಜಿಲ್ಲೆಗಳ 25 ಸಾಧಕರಿಗೆ ಶ್ರೀಗಳು ಪ್ರಶಸ್ತಿ ಪ್ರದಾನ ಮಾಡಿ ಗೌರವಿಸಿದರು. ಯರಗಟ್ಟಿಯ ಬೃಹನ್ಮಠದ ಶ್ರೀಗಳು, ಹಿಕ್ಕಾ-ಕೇರಿ ಸಹಕಾರಿ ಸಕ್ಕರೆ ಕಾರ್ಖಾನೆಯ ಉಪಾಧ್ಯಕ್ಷ ಬಸವರಾಜ ಕಲ್ಲಟ್ಟಿ, ಹಿರಿಯ ಸಾಹಿತಿ ಡಾ.ಅವಲಾಳ
ಭರಮಾಕಾಂತ ಸಂಕೇಶ್ವರ ಪುರಸಭೆ ಅಧ್ಯಕ್ಷ ಸೀಮಾ ಹತನೂರಿ, ವಿಜಯಪುರ ಬ್ಯಾಂಕ್ ನಿರ್ದೇಶಕ ಗಜಾನನ ಕಕ್ಕ, ಹುಕ್ಕೇರಿ ವಿದ್ಯುತ್ ಸಹಕಾರಿ ಸಂಘದ ಅಧ್ಯಕ್ಷ ಜಯಗೌಡ ಪಾಟೀಲ, ಸರ್ಕಾರಿ ನೌಕರರ ಸಂಘದ ಜಿಲ್ಲಾಧ್ಯಕ್ಷ ಬಸವರಾಜ ರಾಯವ್ವಗೋಳ ಮುಖ್ಯ ಅತಿಥಿಗಳಾಗಿ ಭಾಗವಹಿಸಿದ್ದರು. ಕುಲ್ಲ ಸಂಸ್ಥೆಯ ಅಧ್ಯಕ್ಷ ಗೋವಿಂದ ಮೇಲಗಿರಿ ಸ್ವಾಗತಿಸಿ ನಿರೂಪಿಸಿದರು. ಫೈವ್ ಸ್ಟಾರ್ ಆರ್ಗನೈಸೇಷನ್ ಸಂಸ್ಥಾಪಕ ವಿಠ್ಠಲ ಮಲ್ಲಿಗೆ ವಂದಿಸಿದರು.
ಗೌರಮ್ಮ ಚಲವಾದಿ ಅಪರೂಪದ ಗಾನಕೋಗಿಲೆ
ಕನ್ನಡ ಜನಶ್ರೀ ಸುದ್ದಿ ಜಾಲ
ಗದಗ: ಜನಪದಕ್ಕೆ ಮಾನವೀಯ ಸ್ಪರ್ಶ ನೀಡಿದವರು ಸಂತರು. ಅವರ ಕಂಠ ಸರಳ, ಸ್ಪಷ್ಟವಾಗಿದ್ದು ಸಾವಿರಾರು ಹಾಡುಗಳನ್ನು ಹಾಡಿದ ಹಿರಿಯ ಗಾಯಕಿ ಗೌರಮ್ಮ ಚಲವಾದಿ ಅವರು ಜನಪದ ಸಂಗೀತದ ಅಪರೂಪದ ಗಾನಕೋಗಿಲೆ ಎಂದು ಸಿದ್ದರಾಮ ಸ್ವಾಮೀಜಿ ಹೇಳಿದರು. ಲಿಂಗಾಯತ ಪ್ರಗತಿಶೀಲ ಸಂಘದ ಆಶ್ರಯದಲ್ಲಿ ನಗರದ ತೋಂಟದಾರ್ಯ ಮಠದಲ್ಲಿ ಈಚೆಗೆ ನಡೆದ 2,752ನೇ ಶಿವಾನುಭವ ಕಾರ್ಯಕ್ರಮದ ಸಾನ್ನಿಧ್ಯ ವಹಿಸಿ ಮಾತನಾಡಿದರು. ಜನಪದರು ತಮಗೆ ಅನಿಸಿದ ಭಾವನೆಗಳನ್ನು ಸರಳವಾಗಿ ಹೇಳಿದರು. ಅದರ ಅರ್ಥದ ಆಳವನ್ನು ತಿಳಿಯುವುದು ಕಷ್ಟ. ಗೌರಮ್ಮ ಅವರು ಬದುಕನ್ನೇ ಕಷ್ಟಗಳ ನಡುವೆ ಕಳೆದವರು. ಆದರೂ ಹಾಡುಗಳ ಮೂಲಕ ಜನಮನ ಗೆದ್ದವರು' ಎಂದರು.
ಎಂದರು. ಇದೇ ಸಂದರ್ಭದಲ್ಲಿ ಸ್ವಾಮೀಜಿ ಬರೆದಿರುವ 'ಗೌರಮ್ಮ ಚಲವಾದಿ' ಕೃತಿಯನ್ನು ಬಿಡುಗಡೆ ಮಾಡಲಾಯಿತು. ಗೌರಮ್ಮ ಅವರು ಹಾಡಿದ ಹಾಡುಗಳನ್ನು ಕೇಳಿದರೆ ಶ್ರೀಗಳ ಮನಸ್ಸು ಮಿಡಿಯುತ್ತಿದೆ ಎಂದು ಹೇಳಿದರು. ಜಾನಪದ ಗಾಯಕಿ ಗೌರಮ್ಮ ಚಲವಾದಿ ಅವರ ಪುಸ್ತಕ ಬಿಡುಗಡೆ ಮಾಡಿ ಜನಪದ ಹಾಡುಗಳನ್ನು ಉಳಿಸುವ ಪ್ರಯತ್ನ ನಡೆಯಬೇಕು. ಯುವ ಪೀಳಿಗೆ ಜನಪದ ಸಾಹಿತ್ಯ ಕಲಿಯಬೇಕು. ಜನಪದ ಕಲೆ ನಾಡಿನ ಸಂಸ್ಕೃತಿಯ ಬೇರು ಎಂದು ಹೇಳಿದರು. ಗೌರಮ್ಮ ಚಲವಾದಿ ಅವರ ಕುಟುಂಬ ವರ್ಗ, ಜಿಲ್ಲೆಯ ವಿವಿಧ ಕಲಾವಿದರು ಭಾಗವಹಿಸಿದ್ದರು.
ನಡೆಯಿತು. ಡಾ. ಲಕ್ಕುಂಡಿ ಧರ್ಮಗ್ರಂಥ ಪಠಿಸಿದರು. ಶ್ರೇಷ್ಠ ನಾಗರ ಕಲಾವಿದರು ಬಸವ ವಚನ ಸಂಗೀತ ನಡೆಸಿಕೊಟ್ಟರು. ಮಲ್ಲಿಕಾರ್ಜುನ ಸ್ವಾಮಿ ಗುರುವಚನ ಹಾಡಿದರು. ಉಮೇಶ ಪುರದ, ವಿದ್ಯಾಧರ ಅಂಗಡಿ ಹಾಜರಿದ್ದರು. ಅಶೋಕ ಬರಗುಂಡಿ ಸ್ವಾಗತಿಸಿದರು. ಶಿವಾನಂದ ಹೊಂಬಳ ನಿರೂಪಿಸಿದರು.
